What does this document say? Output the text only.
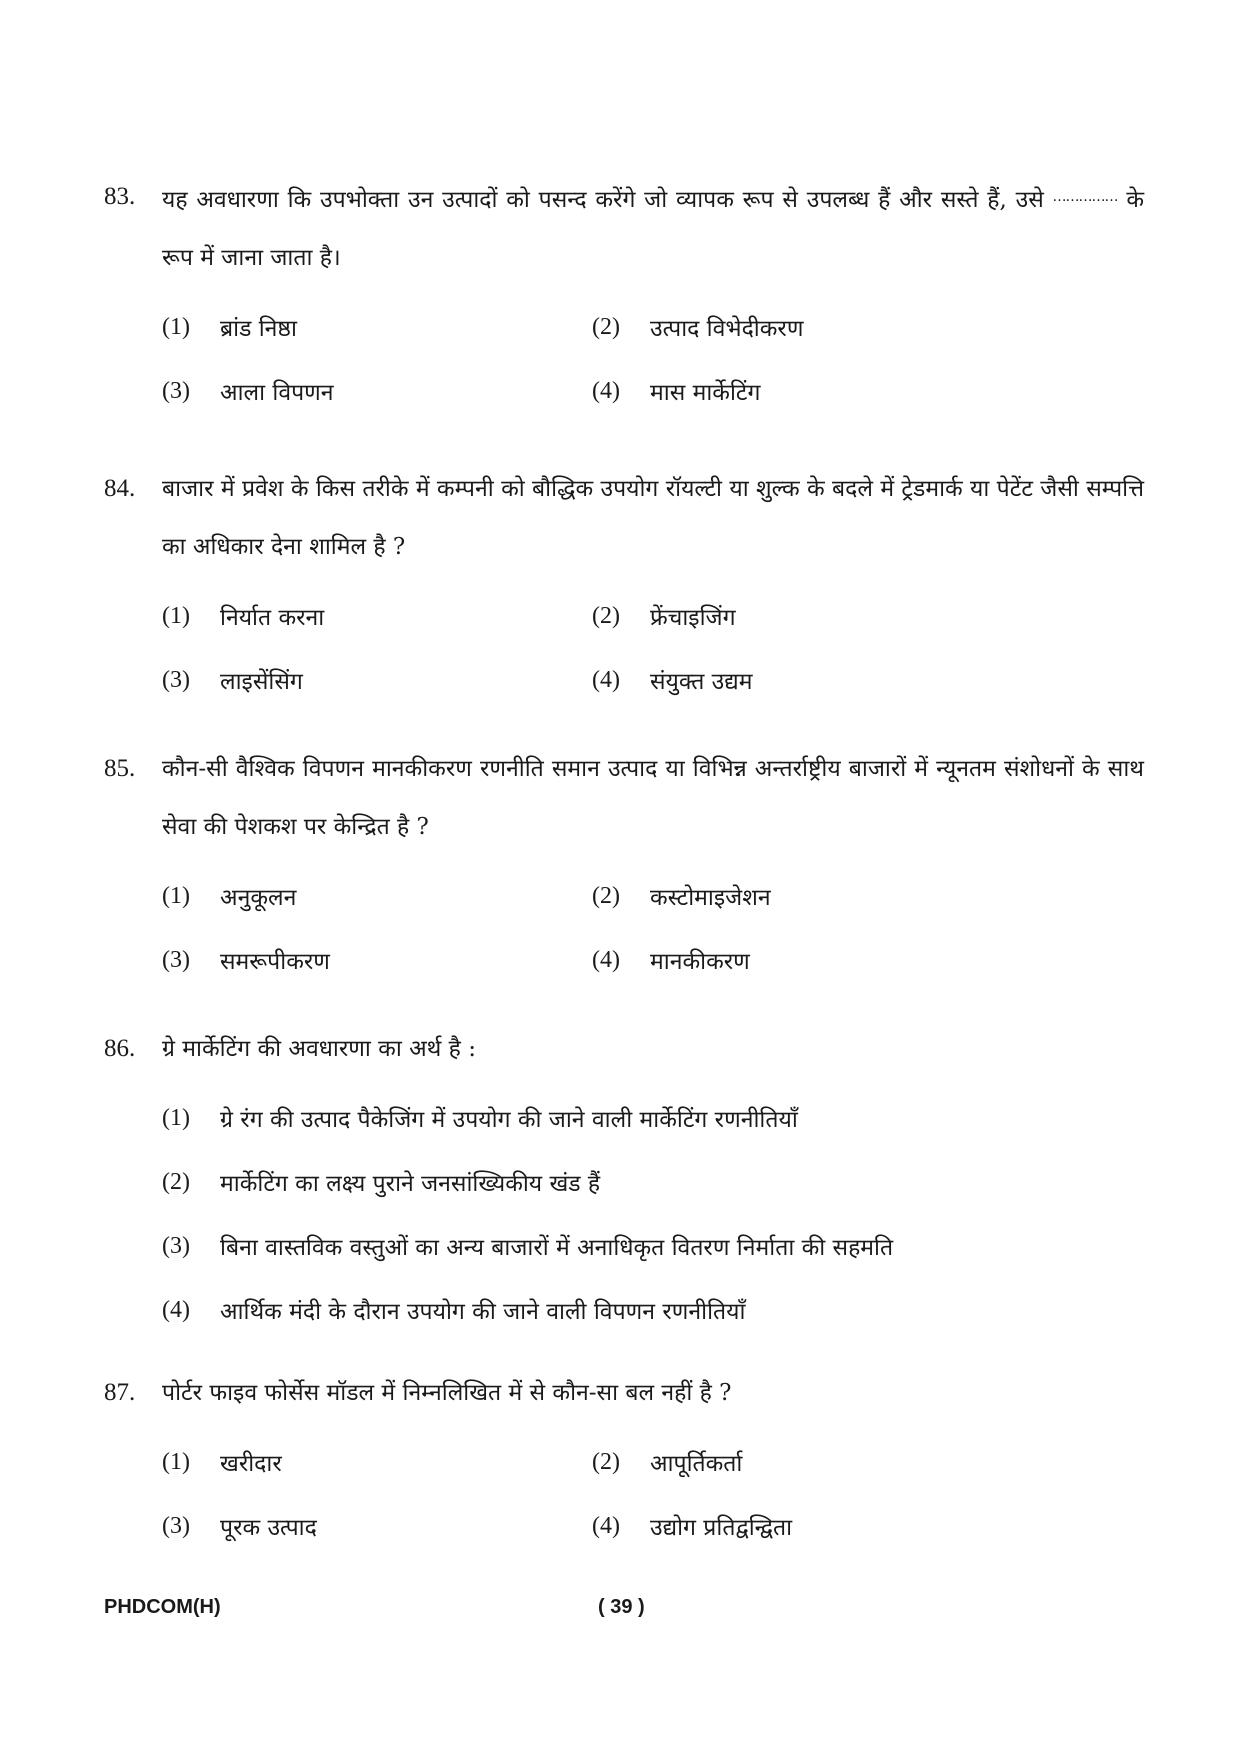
83.	यह अवधारणा कि उपभोक्ता उन उत्पादों को पसन्द करेंगे जो व्यापक रूप से उपलब्ध हैं और सस्ते हैं, उसे …………… के रूप में जाना जाता है।
(1)	ब्रांड निष्ठा	(2)	उत्पाद विभेदीकरण
(3)	आला विपणन	(4)	मास मार्केटिंग
84.	बाजार में प्रवेश के किस तरीके में कम्पनी को बौद्धिक उपयोग रॉयल्टी या शुल्क के बदले में ट्रेडमार्क या पेटेंट जैसी सम्पत्ति का अधिकार देना शामिल है ?
(1)	निर्यात करना	(2)	फ्रेंचाइजिंग
(3)	लाइसेंसिंग	(4)	संयुक्त उद्यम
85.	कौन-सी वैश्विक विपणन मानकीकरण रणनीति समान उत्पाद या विभिन्न अन्तर्राष्ट्रीय बाजारों में न्यूनतम संशोधनों के साथ सेवा की पेशकश पर केन्द्रित है ?
(1)	अनुकूलन	(2)	कस्टोमाइजेशन
(3)	समरूपीकरण	(4)	मानकीकरण
86.	ग्रे मार्केटिंग की अवधारणा का अर्थ है :
(1)	ग्रे रंग की उत्पाद पैकेजिंग में उपयोग की जाने वाली मार्केटिंग रणनीतियाँ
(2)	मार्केटिंग का लक्ष्य पुराने जनसांख्यिकीय खंड हैं
(3)	बिना वास्तविक वस्तुओं का अन्य बाजारों में अनाधिकृत वितरण निर्माता की सहमति
(4)	आर्थिक मंदी के दौरान उपयोग की जाने वाली विपणन रणनीतियाँ
87.	पोर्टर फाइव फोर्सेस मॉडल में निम्नलिखित में से कौन-सा बल नहीं है ?
(1)	खरीदार	(2)	आपूर्तिकर्ता
(3)	पूरक उत्पाद	(4)	उद्योग प्रतिद्वन्द्विता
PHDCOM(H)	( 39 )
